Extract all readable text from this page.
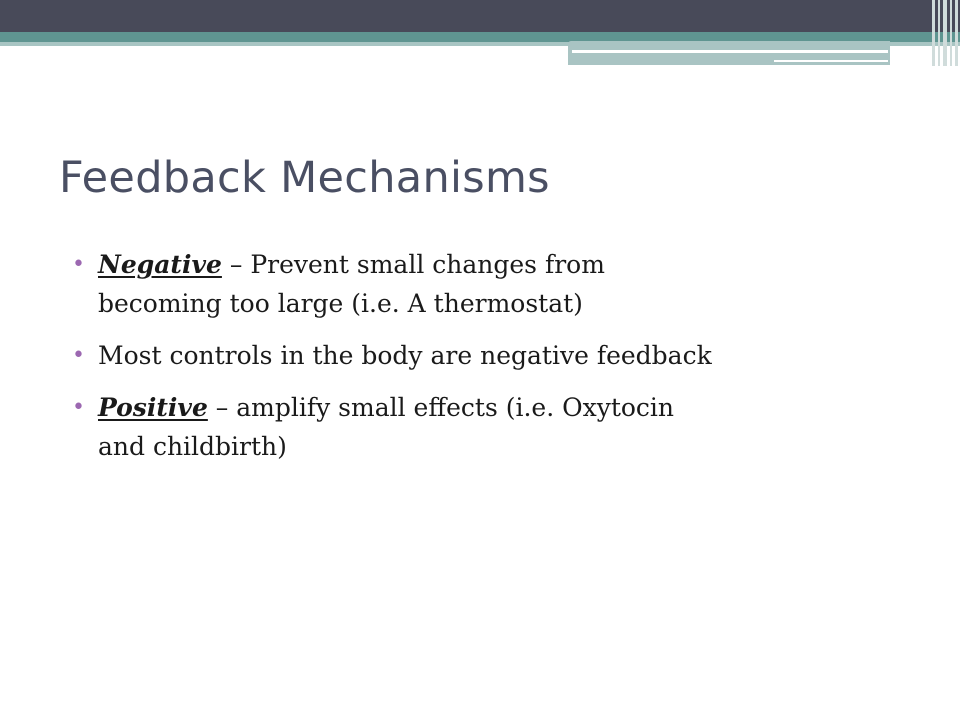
Feedback Mechanisms
• Negative – Prevent small changes from
becoming too large (i.e. A thermostat)
• Most controls in the body are negative feedback
• Positive – amplify small effects (i.e. Oxytocin
and childbirth)
